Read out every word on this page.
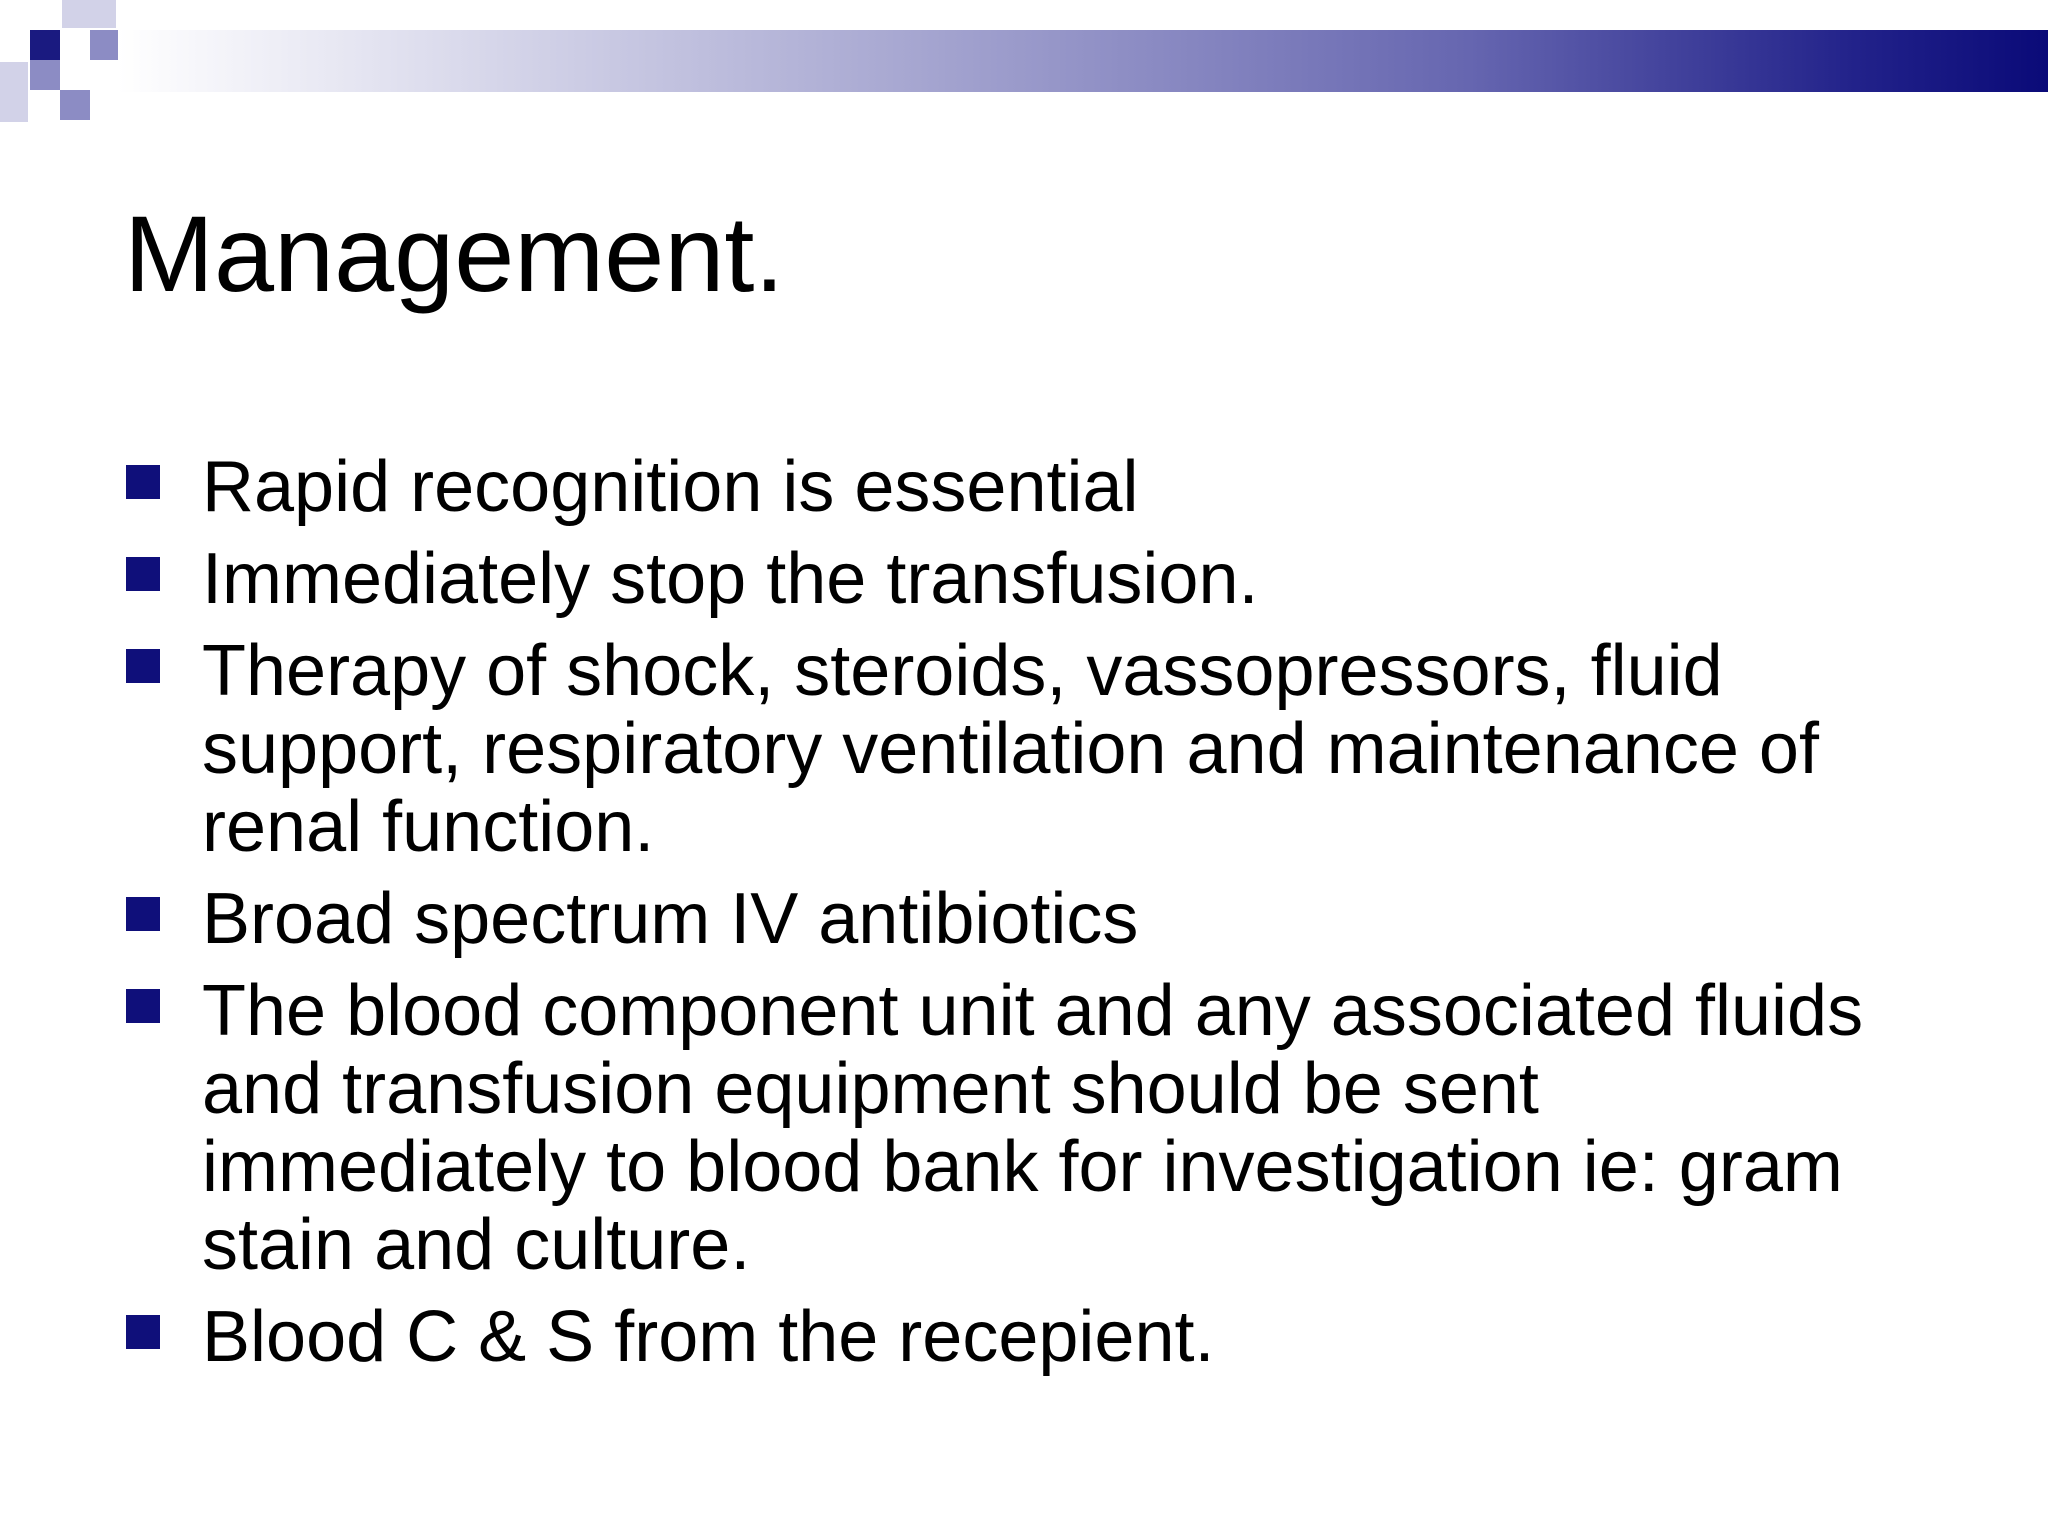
Management.
Rapid recognition is essential
Immediately stop the transfusion.
Therapy of shock, steroids, vassopressors, fluid support, respiratory ventilation and maintenance of renal function.
Broad spectrum IV antibiotics
The blood component unit and any associated fluids and transfusion equipment should be sent immediately to blood bank for investigation ie: gram stain and culture.
Blood C & S from the recepient.
